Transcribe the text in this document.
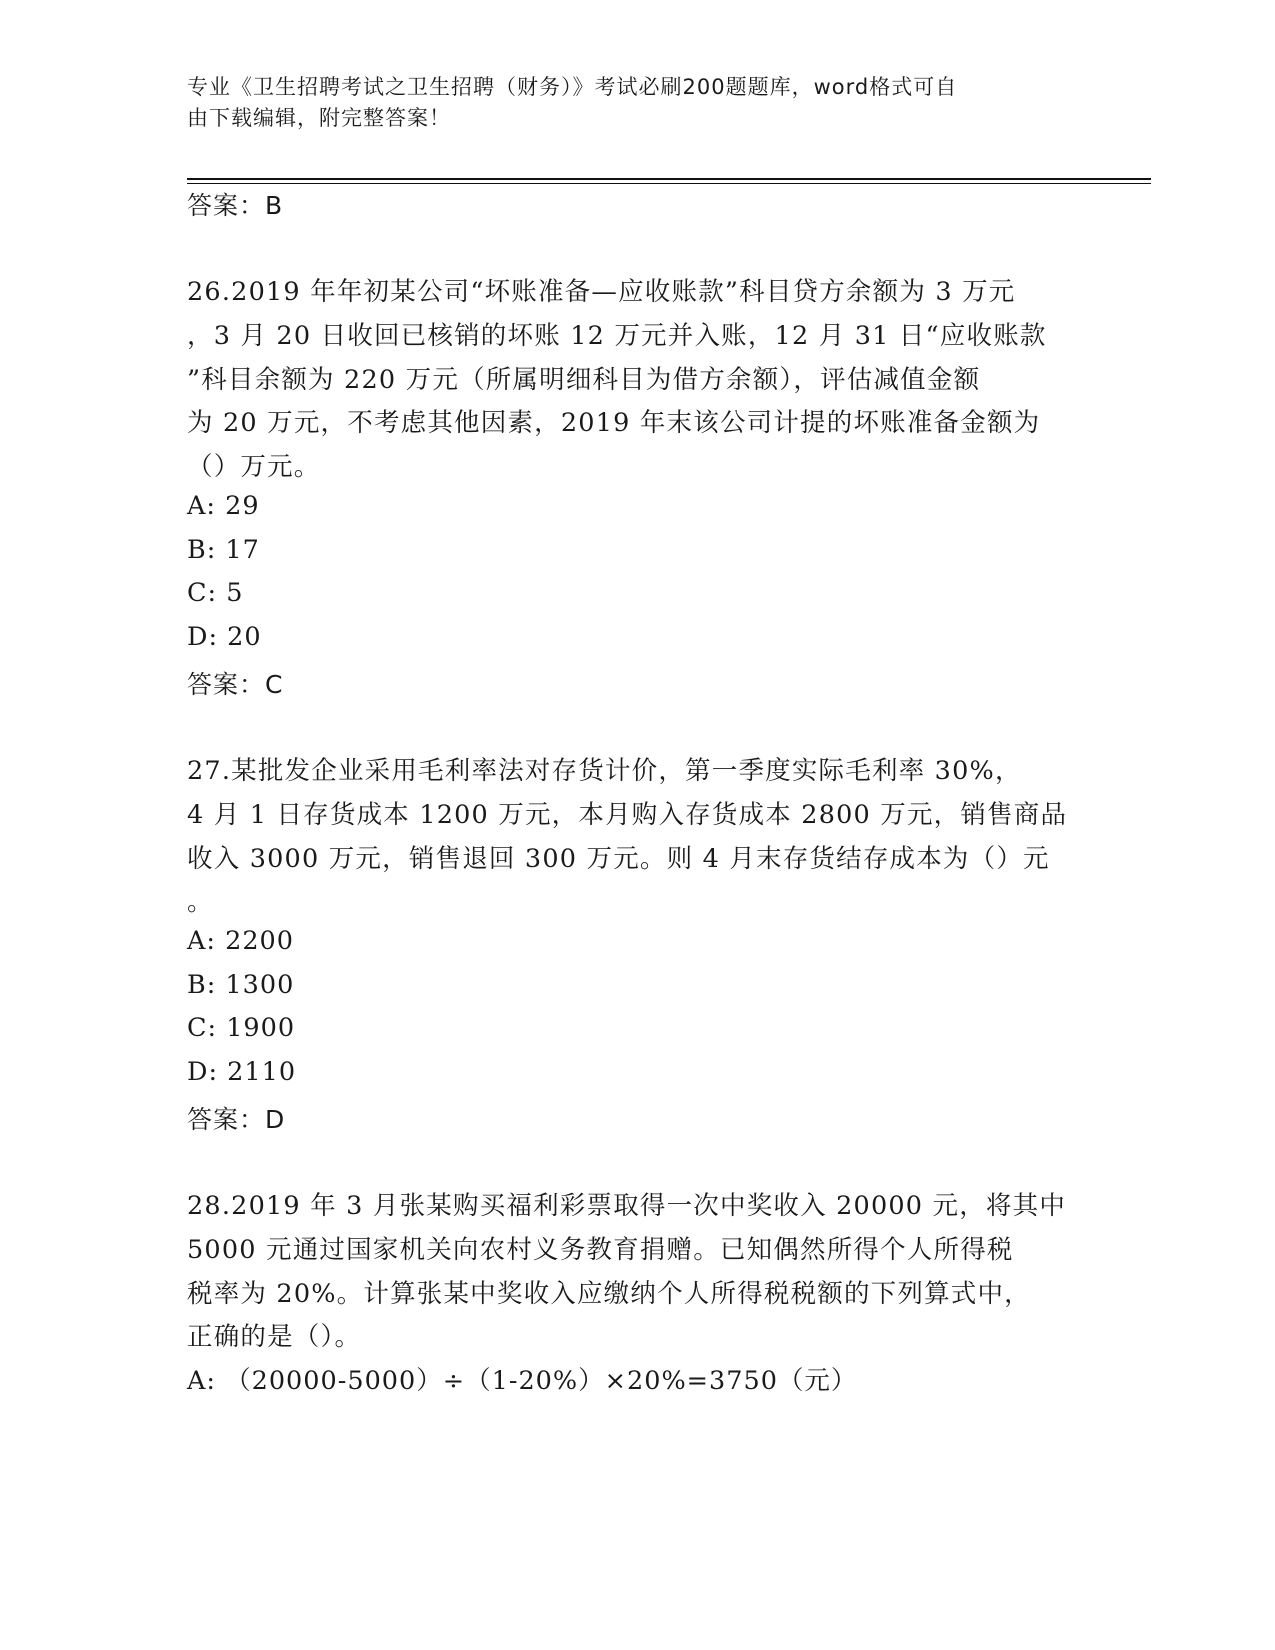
专业《卫生招聘考试之卫生招聘（财务）》考试必刷200题题库，word格式可自
由下载编辑，附完整答案！
答案：B
26.2019 年年初某公司“坏账准备—应收账款”科目贷方余额为 3 万元
，3 月 20 日收回已核销的坏账 12 万元并入账，12 月 31 日“应收账款
”科目余额为 220 万元（所属明细科目为借方余额），评估减值金额
为 20 万元，不考虑其他因素，2019 年末该公司计提的坏账准备金额为
（）万元。
A: 29
B: 17
C: 5
D: 20
答案：C
27.某批发企业采用毛利率法对存货计价，第一季度实际毛利率 30%，
4 月 1 日存货成本 1200 万元，本月购入存货成本 2800 万元，销售商品
收入 3000 万元，销售退回 300 万元。则 4 月末存货结存成本为（）元
。
A: 2200
B: 1300
C: 1900
D: 2110
答案：D
28.2019 年 3 月张某购买福利彩票取得一次中奖收入 20000 元，将其中
5000 元通过国家机关向农村义务教育捐赠。已知偶然所得个人所得税
税率为 20%。计算张某中奖收入应缴纳个人所得税税额的下列算式中，
正确的是（）。
A: （20000-5000）÷（1-20%）×20%=3750（元）
